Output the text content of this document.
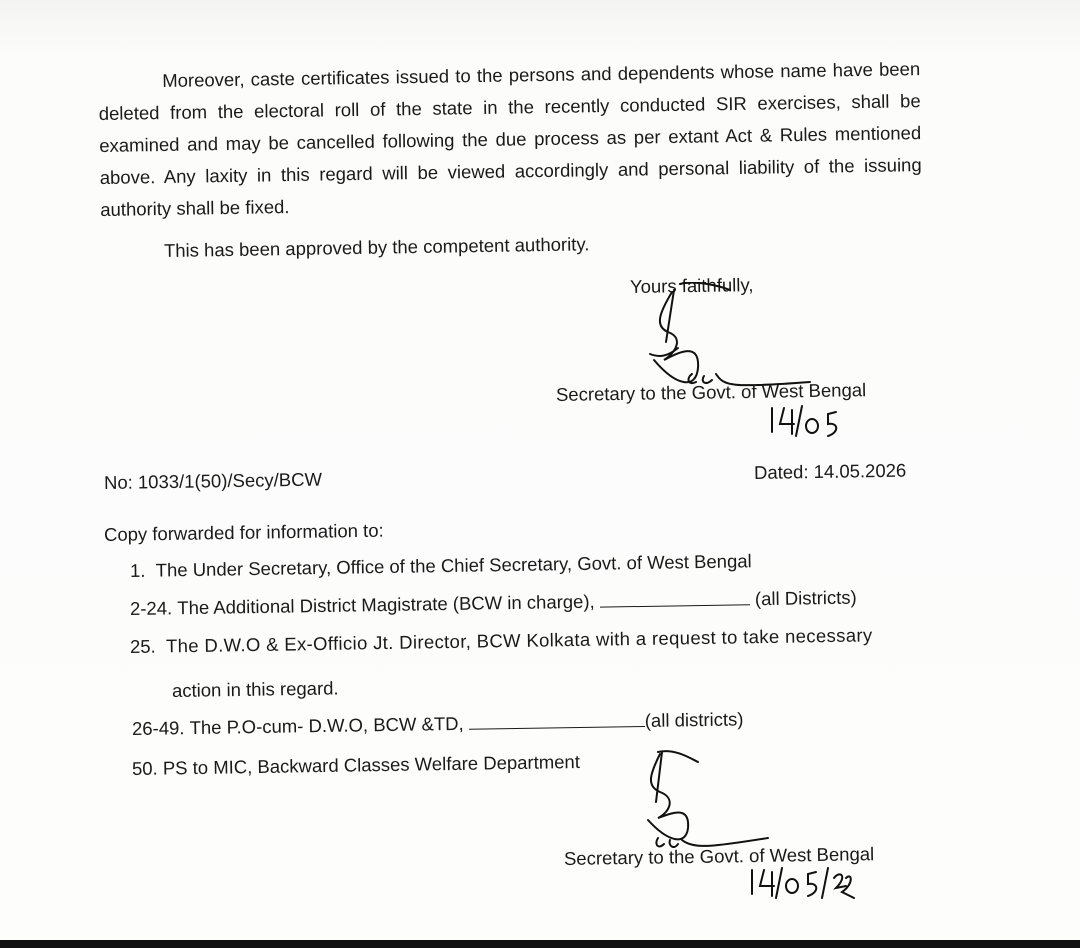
Moreover, caste certificates issued to the persons and dependents whose name have been deleted from the electoral roll of the state in the recently conducted SIR exercises, shall be examined and may be cancelled following the due process as per extant Act & Rules mentioned above. Any laxity in this regard will be viewed accordingly and personal liability of the issuing authority shall be fixed.
This has been approved by the competent authority.
Yours faithfully,
Secretary to the Govt. of West Bengal
No: 1033/1(50)/Secy/BCW	Dated: 14.05.2026
Copy forwarded for information to:
1. The Under Secretary, Office of the Chief Secretary, Govt. of West Bengal
2-24. The Additional District Magistrate (BCW in charge),	(all Districts)
25. The D.W.O & Ex-Officio Jt. Director, BCW Kolkata with a request to take necessary
action in this regard.
26-49. The P.O-cum- D.W.O, BCW &TD,	(all districts)
50. PS to MIC, Backward Classes Welfare Department
Secretary to the Govt. of West Bengal
